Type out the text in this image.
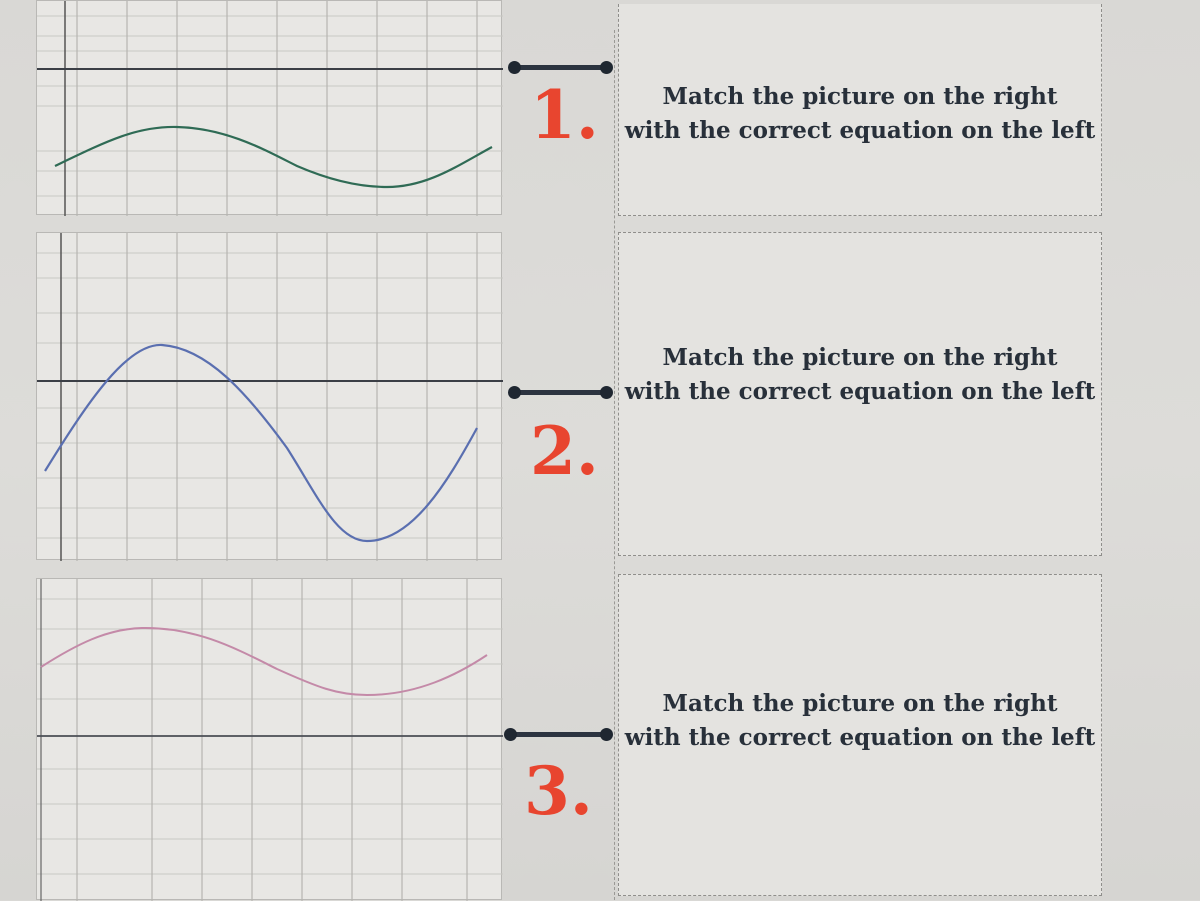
1.	Match the picture on the right
with the correct equation on the left
2.
Match the picture on the right
with the correct equation on the left
3.
Match the picture on the right
with the correct equation on the left
